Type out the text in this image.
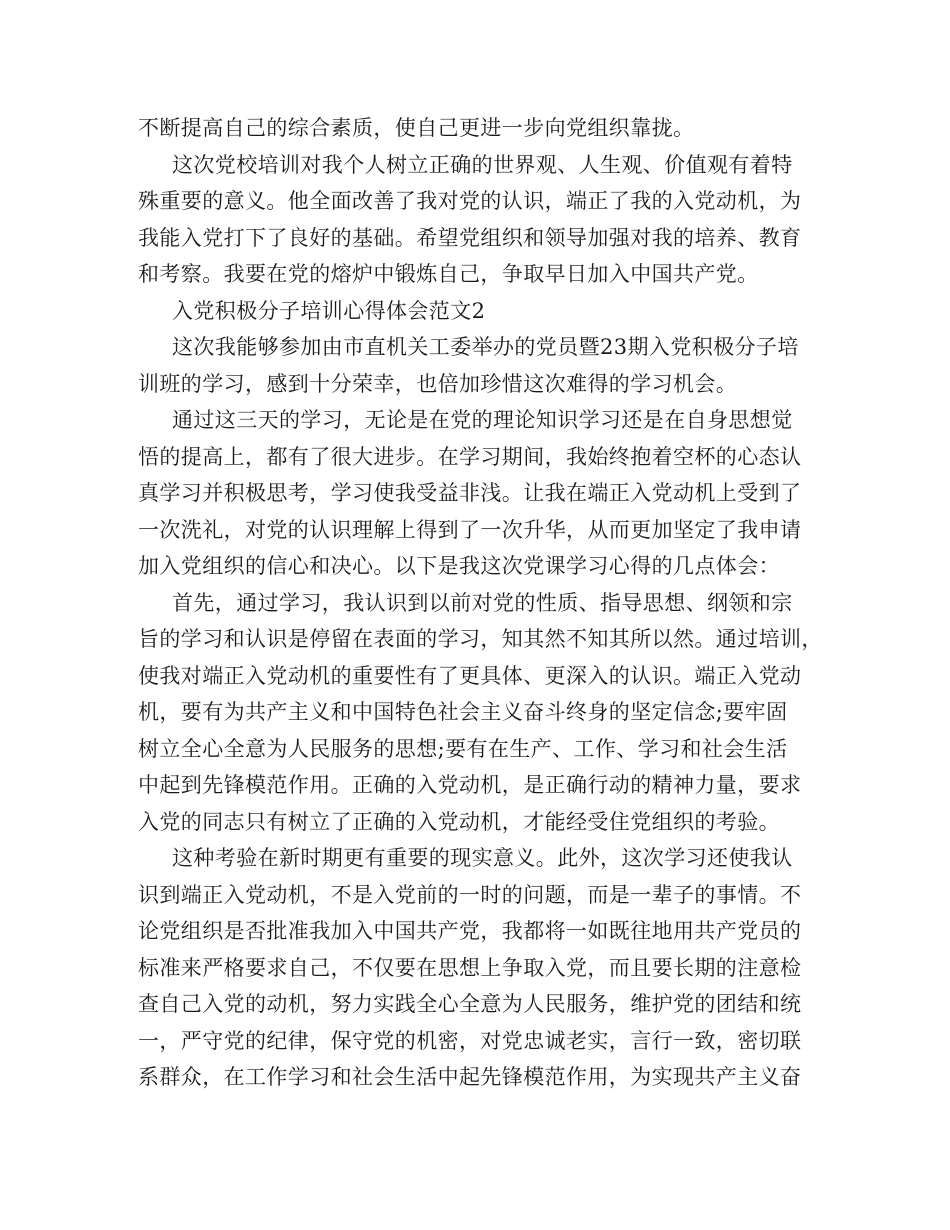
不断提高自己的综合素质，使自己更进一步向党组织靠拢。
这次党校培训对我个人树立正确的世界观、人生观、价值观有着特
殊重要的意义。他全面改善了我对党的认识，端正了我的入党动机，为
我能入党打下了良好的基础。希望党组织和领导加强对我的培养、教育
和考察。我要在党的熔炉中锻炼自己，争取早日加入中国共产党。
入党积极分子培训心得体会范文2
这次我能够参加由市直机关工委举办的党员暨23期入党积极分子培
训班的学习，感到十分荣幸，也倍加珍惜这次难得的学习机会。
通过这三天的学习，无论是在党的理论知识学习还是在自身思想觉
悟的提高上，都有了很大进步。在学习期间，我始终抱着空杯的心态认
真学习并积极思考，学习使我受益非浅。让我在端正入党动机上受到了
一次洗礼，对党的认识理解上得到了一次升华，从而更加坚定了我申请
加入党组织的信心和决心。以下是我这次党课学习心得的几点体会：
首先，通过学习，我认识到以前对党的性质、指导思想、纲领和宗
旨的学习和认识是停留在表面的学习，知其然不知其所以然。通过培训，
使我对端正入党动机的重要性有了更具体、更深入的认识。端正入党动
机，要有为共产主义和中国特色社会主义奋斗终身的坚定信念;要牢固
树立全心全意为人民服务的思想;要有在生产、工作、学习和社会生活
中起到先锋模范作用。正确的入党动机，是正确行动的精神力量，要求
入党的同志只有树立了正确的入党动机，才能经受住党组织的考验。
这种考验在新时期更有重要的现实意义。此外，这次学习还使我认
识到端正入党动机，不是入党前的一时的问题，而是一辈子的事情。不
论党组织是否批准我加入中国共产党，我都将一如既往地用共产党员的
标准来严格要求自己，不仅要在思想上争取入党，而且要长期的注意检
查自己入党的动机，努力实践全心全意为人民服务，维护党的团结和统
一，严守党的纪律，保守党的机密，对党忠诚老实，言行一致，密切联
系群众，在工作学习和社会生活中起先锋模范作用，为实现共产主义奋
